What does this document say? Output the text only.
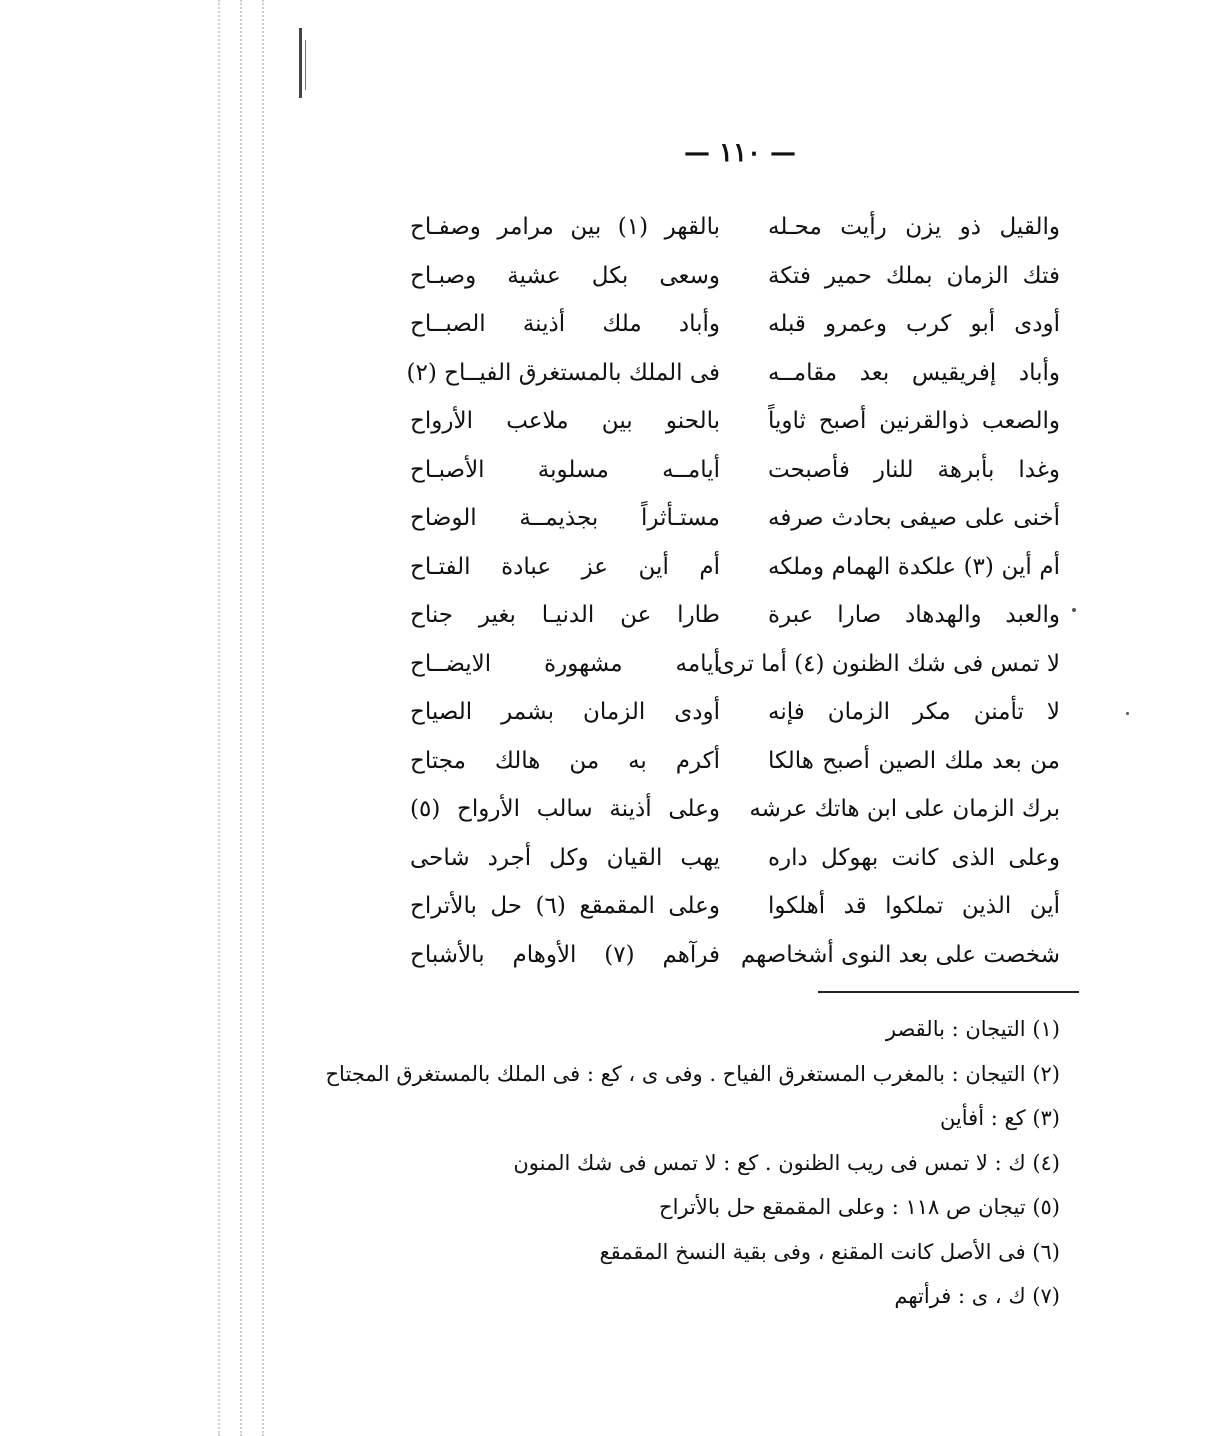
— ١١٠ —
والقيل ذو يزن رأيت محـله
بالقهر (١) بين مرامر وصفـاح
فتك الزمان بملك حمير فتكة
وسعى بكل عشية وصبـاح
أودى أبو كرب وعمرو قبله
وأباد ملك أذينة الصبــاح
وأباد إفريقيس بعد مقامــه
فى الملك بالمستغرق الفيــاح (٢)
والصعب ذوالقرنين أصبح ثاوياً
بالحنو بين ملاعب الأرواح
وغدا بأبرهة للنار فأصبحت
أيامــه مسلوبة الأصبـاح
أخنى على صيفى بحادث صرفه
مستـأثراً بجذيمــة الوضاح
أم أين (٣) علكدة الهمام وملكه
أم أين عز عبادة الفتـاح
والعبد والهدهاد صارا عبرة
طارا عن الدنيـا بغير جناح
لا تمس فى شك الظنون (٤) أما ترى
أيامه مشهورة الايضــاح
لا تأمنن مكر الزمان فإنه
أودى الزمان بشمر الصياح
من بعد ملك الصين أصبح هالكا
أكرم به من هالك مجتاح
برك الزمان على ابن هاتك عرشه
وعلى أذينة سالب الأرواح (٥)
وعلى الذى كانت بهوكل داره
يهب القيان وكل أجرد شاحى
أين الذين تملكوا قد أهلكوا
وعلى المقمقع (٦) حل بالأتراح
شخصت على بعد النوى أشخاصهم
فرآهم (٧) الأوهام بالأشباح
(١) التيجان : بالقصر
(٢) التيجان : بالمغرب المستغرق الفياح . وفى ى ، كع : فى الملك بالمستغرق المجتاح
(٣) كع : أفأين
(٤) ك : لا تمس فى ريب الظنون . كع : لا تمس فى شك المنون
(٥) تيجان ص ١١٨ : وعلى المقمقع حل بالأتراح
(٦) فى الأصل كانت المقنع ، وفى بقية النسخ المقمقع
(٧) ك ، ى : فرأتهم
